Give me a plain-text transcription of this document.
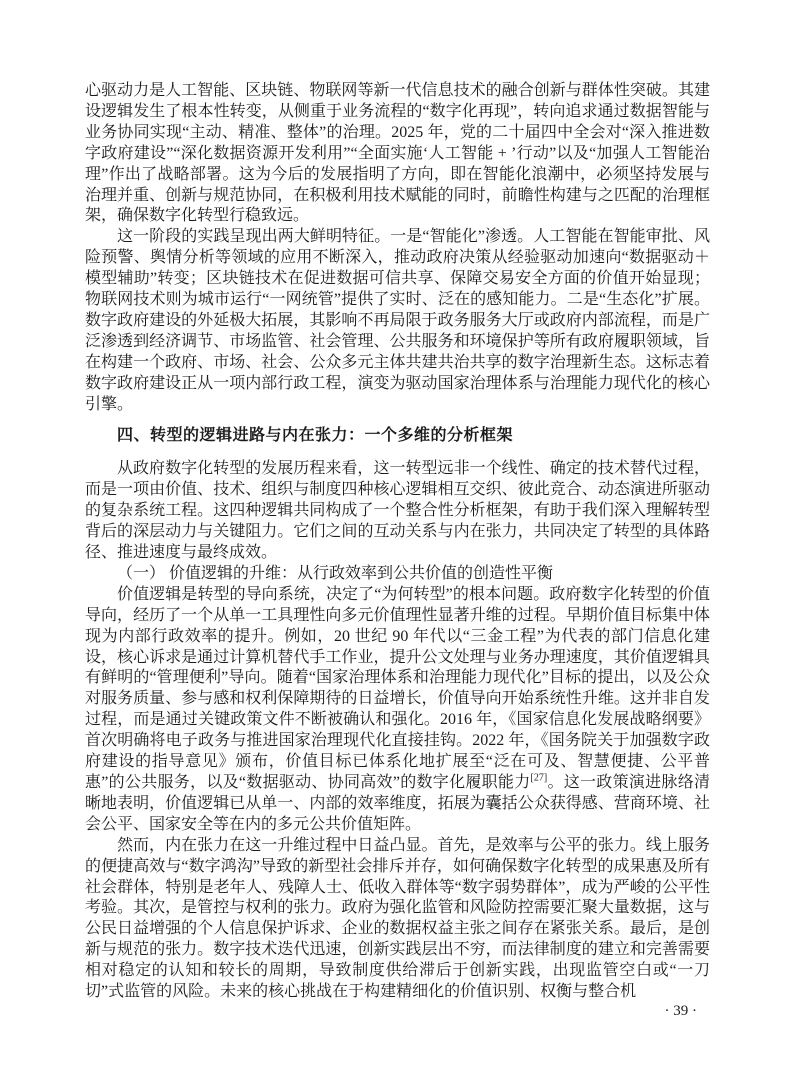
心驱动力是人工智能、区块链、物联网等新一代信息技术的融合创新与群体性突破。其建设逻辑发生了根本性转变，从侧重于业务流程的“数字化再现”，转向追求通过数据智能与业务协同实现“主动、精准、整体”的治理。2025 年，党的二十届四中全会对“深入推进数字政府建设”“深化数据资源开发利用”“全面实施‘人工智能 + ’行动”以及“加强人工智能治理”作出了战略部署。这为今后的发展指明了方向，即在智能化浪潮中，必须坚持发展与治理并重、创新与规范协同，在积极利用技术赋能的同时，前瞻性构建与之匹配的治理框架，确保数字化转型行稳致远。

这一阶段的实践呈现出两大鲜明特征。一是“智能化”渗透。人工智能在智能审批、风险预警、舆情分析等领域的应用不断深入，推动政府决策从经验驱动加速向“数据驱动＋模型辅助”转变；区块链技术在促进数据可信共享、保障交易安全方面的价值开始显现；物联网技术则为城市运行“一网统管”提供了实时、泛在的感知能力。二是“生态化”扩展。数字政府建设的外延极大拓展，其影响不再局限于政务服务大厅或政府内部流程，而是广泛渗透到经济调节、市场监管、社会管理、公共服务和环境保护等所有政府履职领域，旨在构建一个政府、市场、社会、公众多元主体共建共治共享的数字治理新生态。这标志着数字政府建设正从一项内部行政工程，演变为驱动国家治理体系与治理能力现代化的核心引擎。

四、转型的逻辑进路与内在张力：一个多维的分析框架

从政府数字化转型的发展历程来看，这一转型远非一个线性、确定的技术替代过程，而是一项由价值、技术、组织与制度四种核心逻辑相互交织、彼此竞合、动态演进所驱动的复杂系统工程。这四种逻辑共同构成了一个整合性分析框架，有助于我们深入理解转型背后的深层动力与关键阻力。它们之间的互动关系与内在张力，共同决定了转型的具体路径、推进速度与最终成效。

（一） 价值逻辑的升维：从行政效率到公共价值的创造性平衡

价值逻辑是转型的导向系统，决定了“为何转型”的根本问题。政府数字化转型的价值导向，经历了一个从单一工具理性向多元价值理性显著升维的过程。早期价值目标集中体现为内部行政效率的提升。例如，20 世纪 90 年代以“三金工程”为代表的部门信息化建设，核心诉求是通过计算机替代手工作业，提升公文处理与业务办理速度，其价值逻辑具有鲜明的“管理便利”导向。随着“国家治理体系和治理能力现代化”目标的提出，以及公众对服务质量、参与感和权利保障期待的日益增长，价值导向开始系统性升维。这并非自发过程，而是通过关键政策文件不断被确认和强化。2016 年，《国家信息化发展战略纲要》首次明确将电子政务与推进国家治理现代化直接挂钩。2022 年，《国务院关于加强数字政府建设的指导意见》颁布，价值目标已体系化地扩展至“泛在可及、智慧便捷、公平普惠”的公共服务，以及“数据驱动、协同高效”的数字化履职能力[27]。这一政策演进脉络清晰地表明，价值逻辑已从单一、内部的效率维度，拓展为囊括公众获得感、营商环境、社会公平、国家安全等在内的多元公共价值矩阵。

然而，内在张力在这一升维过程中日益凸显。首先，是效率与公平的张力。线上服务的便捷高效与“数字鸿沟”导致的新型社会排斥并存，如何确保数字化转型的成果惠及所有社会群体，特别是老年人、残障人士、低收入群体等“数字弱势群体”，成为严峻的公平性考验。其次，是管控与权利的张力。政府为强化监管和风险防控需要汇聚大量数据，这与公民日益增强的个人信息保护诉求、企业的数据权益主张之间存在紧张关系。最后，是创新与规范的张力。数字技术迭代迅速，创新实践层出不穷，而法律制度的建立和完善需要相对稳定的认知和较长的周期，导致制度供给滞后于创新实践，出现监管空白或“一刀切”式监管的风险。未来的核心挑战在于构建精细化的价值识别、权衡与整合机

· 39 ·
